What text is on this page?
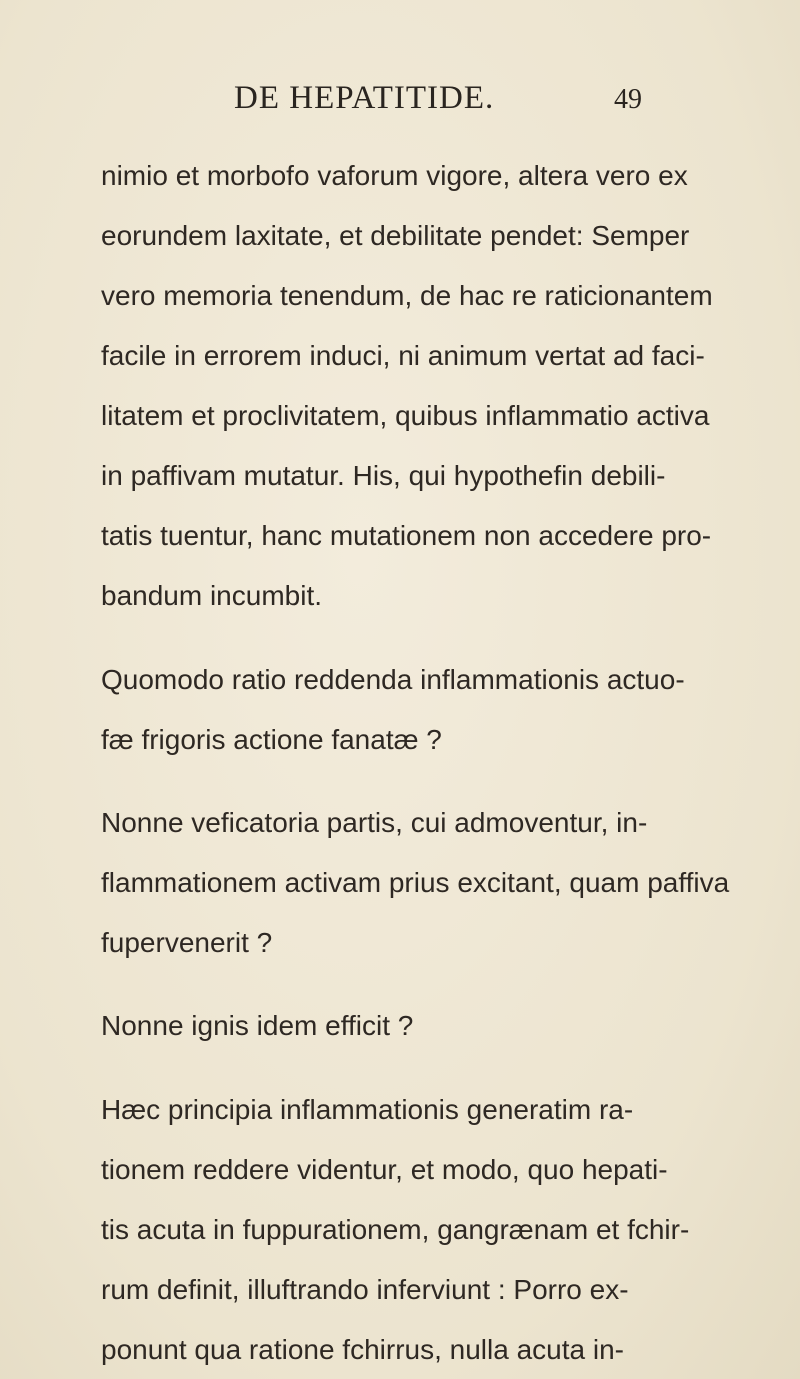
DE HEPATITIDE.	49
nimio et morbofo vaforum vigore, altera vero ex
eorundem laxitate, et debilitate pendet: Semper
vero memoria tenendum, de hac re raticionantem
facile in errorem induci, ni animum vertat ad faci-
litatem et proclivitatem, quibus inflammatio activa
in paffivam mutatur. His, qui hypothefin debili-
tatis tuentur, hanc mutationem non accedere pro-
bandum incumbit.
Quomodo ratio reddenda inflammationis actuo-
fæ frigoris actione fanatæ ?
Nonne veficatoria partis, cui admoventur, in-
flammationem activam prius excitant, quam paffiva
fupervenerit ?
Nonne ignis idem efficit ?
Hæc principia inflammationis generatim ra-
tionem reddere videntur, et modo, quo hepati-
tis acuta in fuppurationem, gangrænam et fchir-
rum definit, illuftrando inferviunt : Porro ex-
ponunt qua ratione fchirrus, nulla acuta in-
